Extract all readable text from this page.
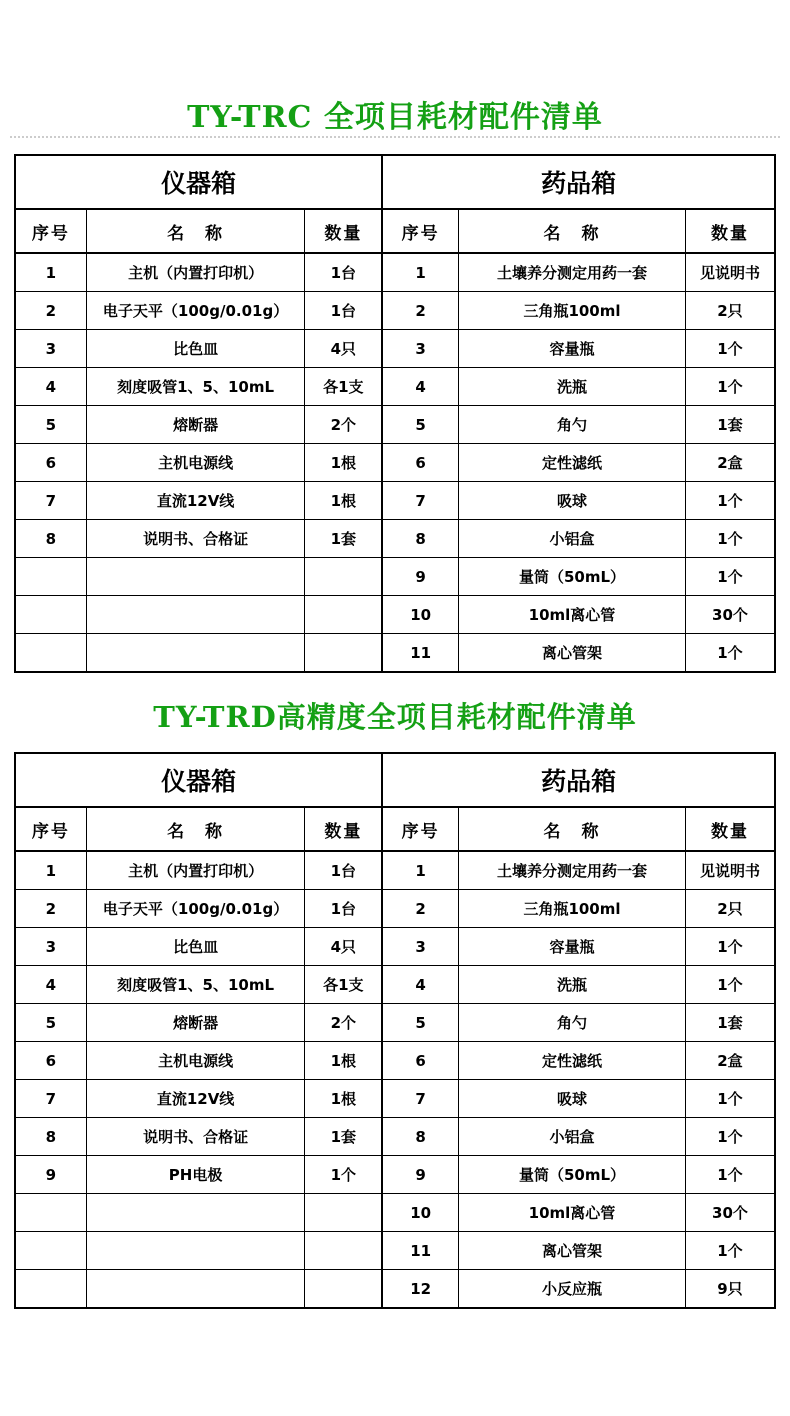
TY-TRC 全项目耗材配件清单
仪器箱			药品箱		
序号	名　称	数量	序号	名　称	数量
1	主机（内置打印机）	1台	1	土壤养分测定用药一套	见说明书
2	电子天平（100g/0.01g）	1台	2	三角瓶100ml	2只
3	比色皿	4只	3	容量瓶	1个
4	刻度吸管1、5、10mL	各1支	4	洗瓶	1个
5	熔断器	2个	5	角勺	1套
6	主机电源线	1根	6	定性滤纸	2盒
7	直流12V线	1根	7	吸球	1个
8	说明书、合格证	1套	8	小铝盒	1个
			9	量筒（50mL）	1个
			10	10ml离心管	30个
			11	离心管架	1个
TY-TRD高精度全项目耗材配件清单
仪器箱			药品箱		
序号	名　称	数量	序号	名　称	数量
1	主机（内置打印机）	1台	1	土壤养分测定用药一套	见说明书
2	电子天平（100g/0.01g）	1台	2	三角瓶100ml	2只
3	比色皿	4只	3	容量瓶	1个
4	刻度吸管1、5、10mL	各1支	4	洗瓶	1个
5	熔断器	2个	5	角勺	1套
6	主机电源线	1根	6	定性滤纸	2盒
7	直流12V线	1根	7	吸球	1个
8	说明书、合格证	1套	8	小铝盒	1个
9	PH电极	1个	9	量筒（50mL）	1个
			10	10ml离心管	30个
			11	离心管架	1个
			12	小反应瓶	9只
